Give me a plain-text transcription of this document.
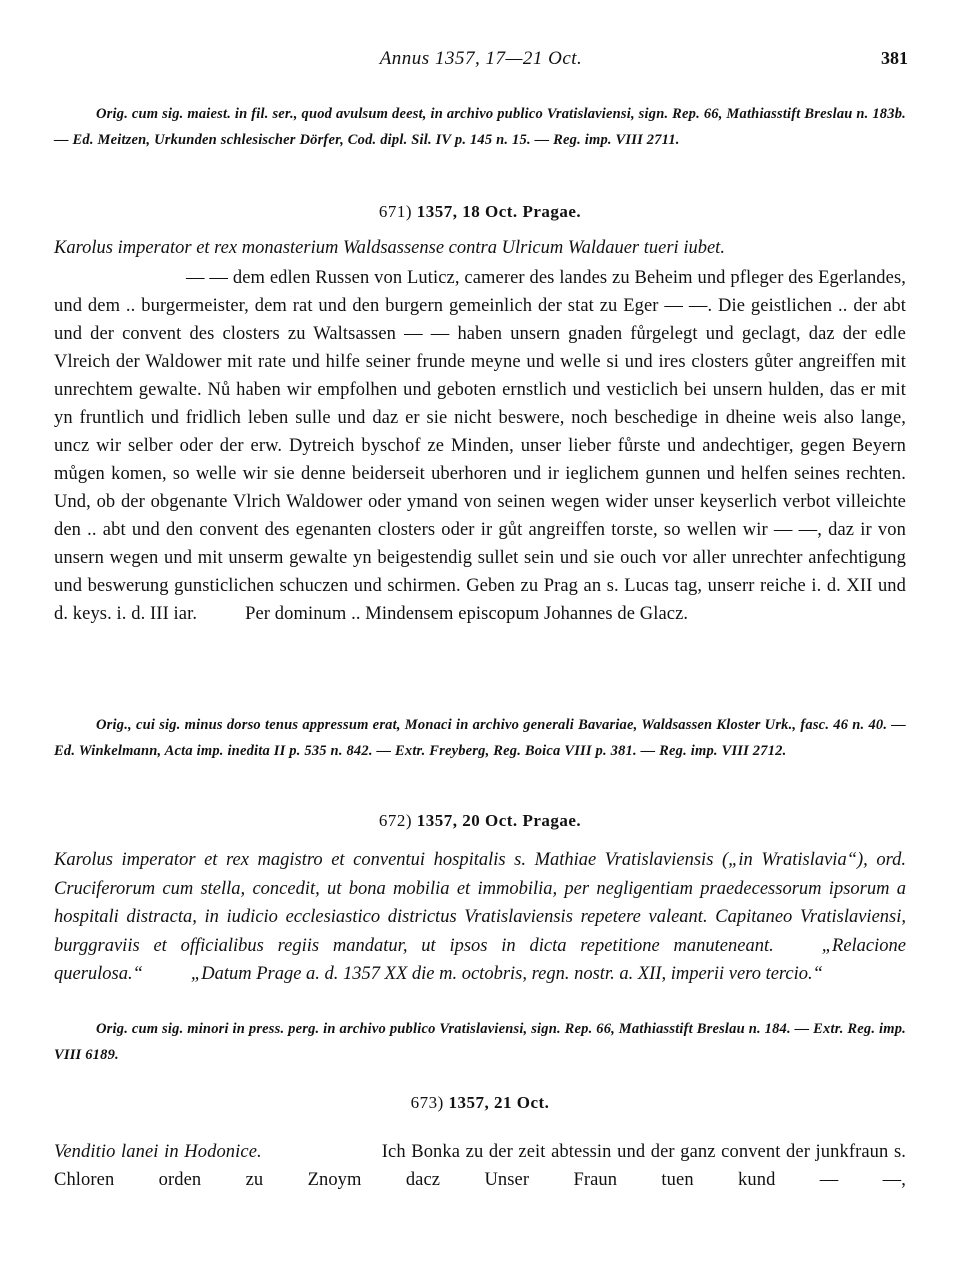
Annus 1357, 17—21 Oct.	381
Orig. cum sig. maiest. in fil. ser., quod avulsum deest, in archivo publico Vratislaviensi, sign. Rep. 66, Mathiasstift Breslau n. 183b. — Ed. Meitzen, Urkunden schlesischer Dörfer, Cod. dipl. Sil. IV p. 145 n. 15. — Reg. imp. VIII 2711.
671) 1357, 18 Oct. Pragae.
Karolus imperator et rex monasterium Waldsassense contra Ulricum Waldauer tueri iubet.
— — dem edlen Russen von Luticz, camerer des landes zu Beheim und pfleger des Egerlandes, und dem .. burgermeister, dem rat und den burgern gemeinlich der stat zu Eger — —. Die geistlichen .. der abt und der convent des closters zu Waltsassen — — haben unsern gnaden fůrgelegt und geclagt, daz der edle Vlreich der Waldower mit rate und hilfe seiner frunde meyne und welle si und ires closters gůter angreiffen mit unrechtem gewalte. Nů haben wir empfolhen und geboten ernstlich und vesticlich bei unsern hulden, das er mit yn fruntlich und fridlich leben sulle und daz er sie nicht beswere, noch beschedige in dheine weis also lange, uncz wir selber oder der erw. Dytreich byschof ze Minden, unser lieber fůrste und andechtiger, gegen Beyern můgen komen, so welle wir sie denne beiderseit uberhoren und ir ieglichem gunnen und helfen seines rechten. Und, ob der obgenante Vlrich Waldower oder ymand von seinen wegen wider unser keyserlich verbot villeichte den .. abt und den convent des egenanten closters oder ir gůt angreiffen torste, so wellen wir — —, daz ir von unsern wegen und mit unserm gewalte yn beigestendig sullet sein und sie ouch vor aller unrechter anfechtigung und beswerung gunsticlichen schuczen und schirmen. Geben zu Prag an s. Lucas tag, unserr reiche i. d. XII und d. keys. i. d. III iar.	Per dominum .. Mindensem episcopum Johannes de Glacz.
Orig., cui sig. minus dorso tenus appressum erat, Monaci in archivo generali Bavariae, Waldsassen Kloster Urk., fasc. 46 n. 40. — Ed. Winkelmann, Acta imp. inedita II p. 535 n. 842. — Extr. Freyberg, Reg. Boica VIII p. 381. — Reg. imp. VIII 2712.
672) 1357, 20 Oct. Pragae.
Karolus imperator et rex magistro et conventui hospitalis s. Mathiae Vratislaviensis („in Wratislavia“), ord. Cruciferorum cum stella, concedit, ut bona mobilia et immobilia, per negligentiam praedecessorum ipsorum a hospitali distracta, in iudicio ecclesiastico districtus Vratislaviensis repetere valeant. Capitaneo Vratislaviensi, burggraviis et officialibus regiis mandatur, ut ipsos in dicta repetitione manuteneant.	„Relacione querulosa.“	„Datum Prage a. d. 1357 XX die m. octobris, regn. nostr. a. XII, imperii vero tercio.“
Orig. cum sig. minori in press. perg. in archivo publico Vratislaviensi, sign. Rep. 66, Mathiasstift Breslau n. 184. — Extr. Reg. imp. VIII 6189.
673) 1357, 21 Oct.
Venditio lanei in Hodonice.	Ich Bonka zu der zeit abtessin und der ganz convent der junkfraun s. Chloren orden zu Znoym dacz Unser Fraun tuen kund — —,
